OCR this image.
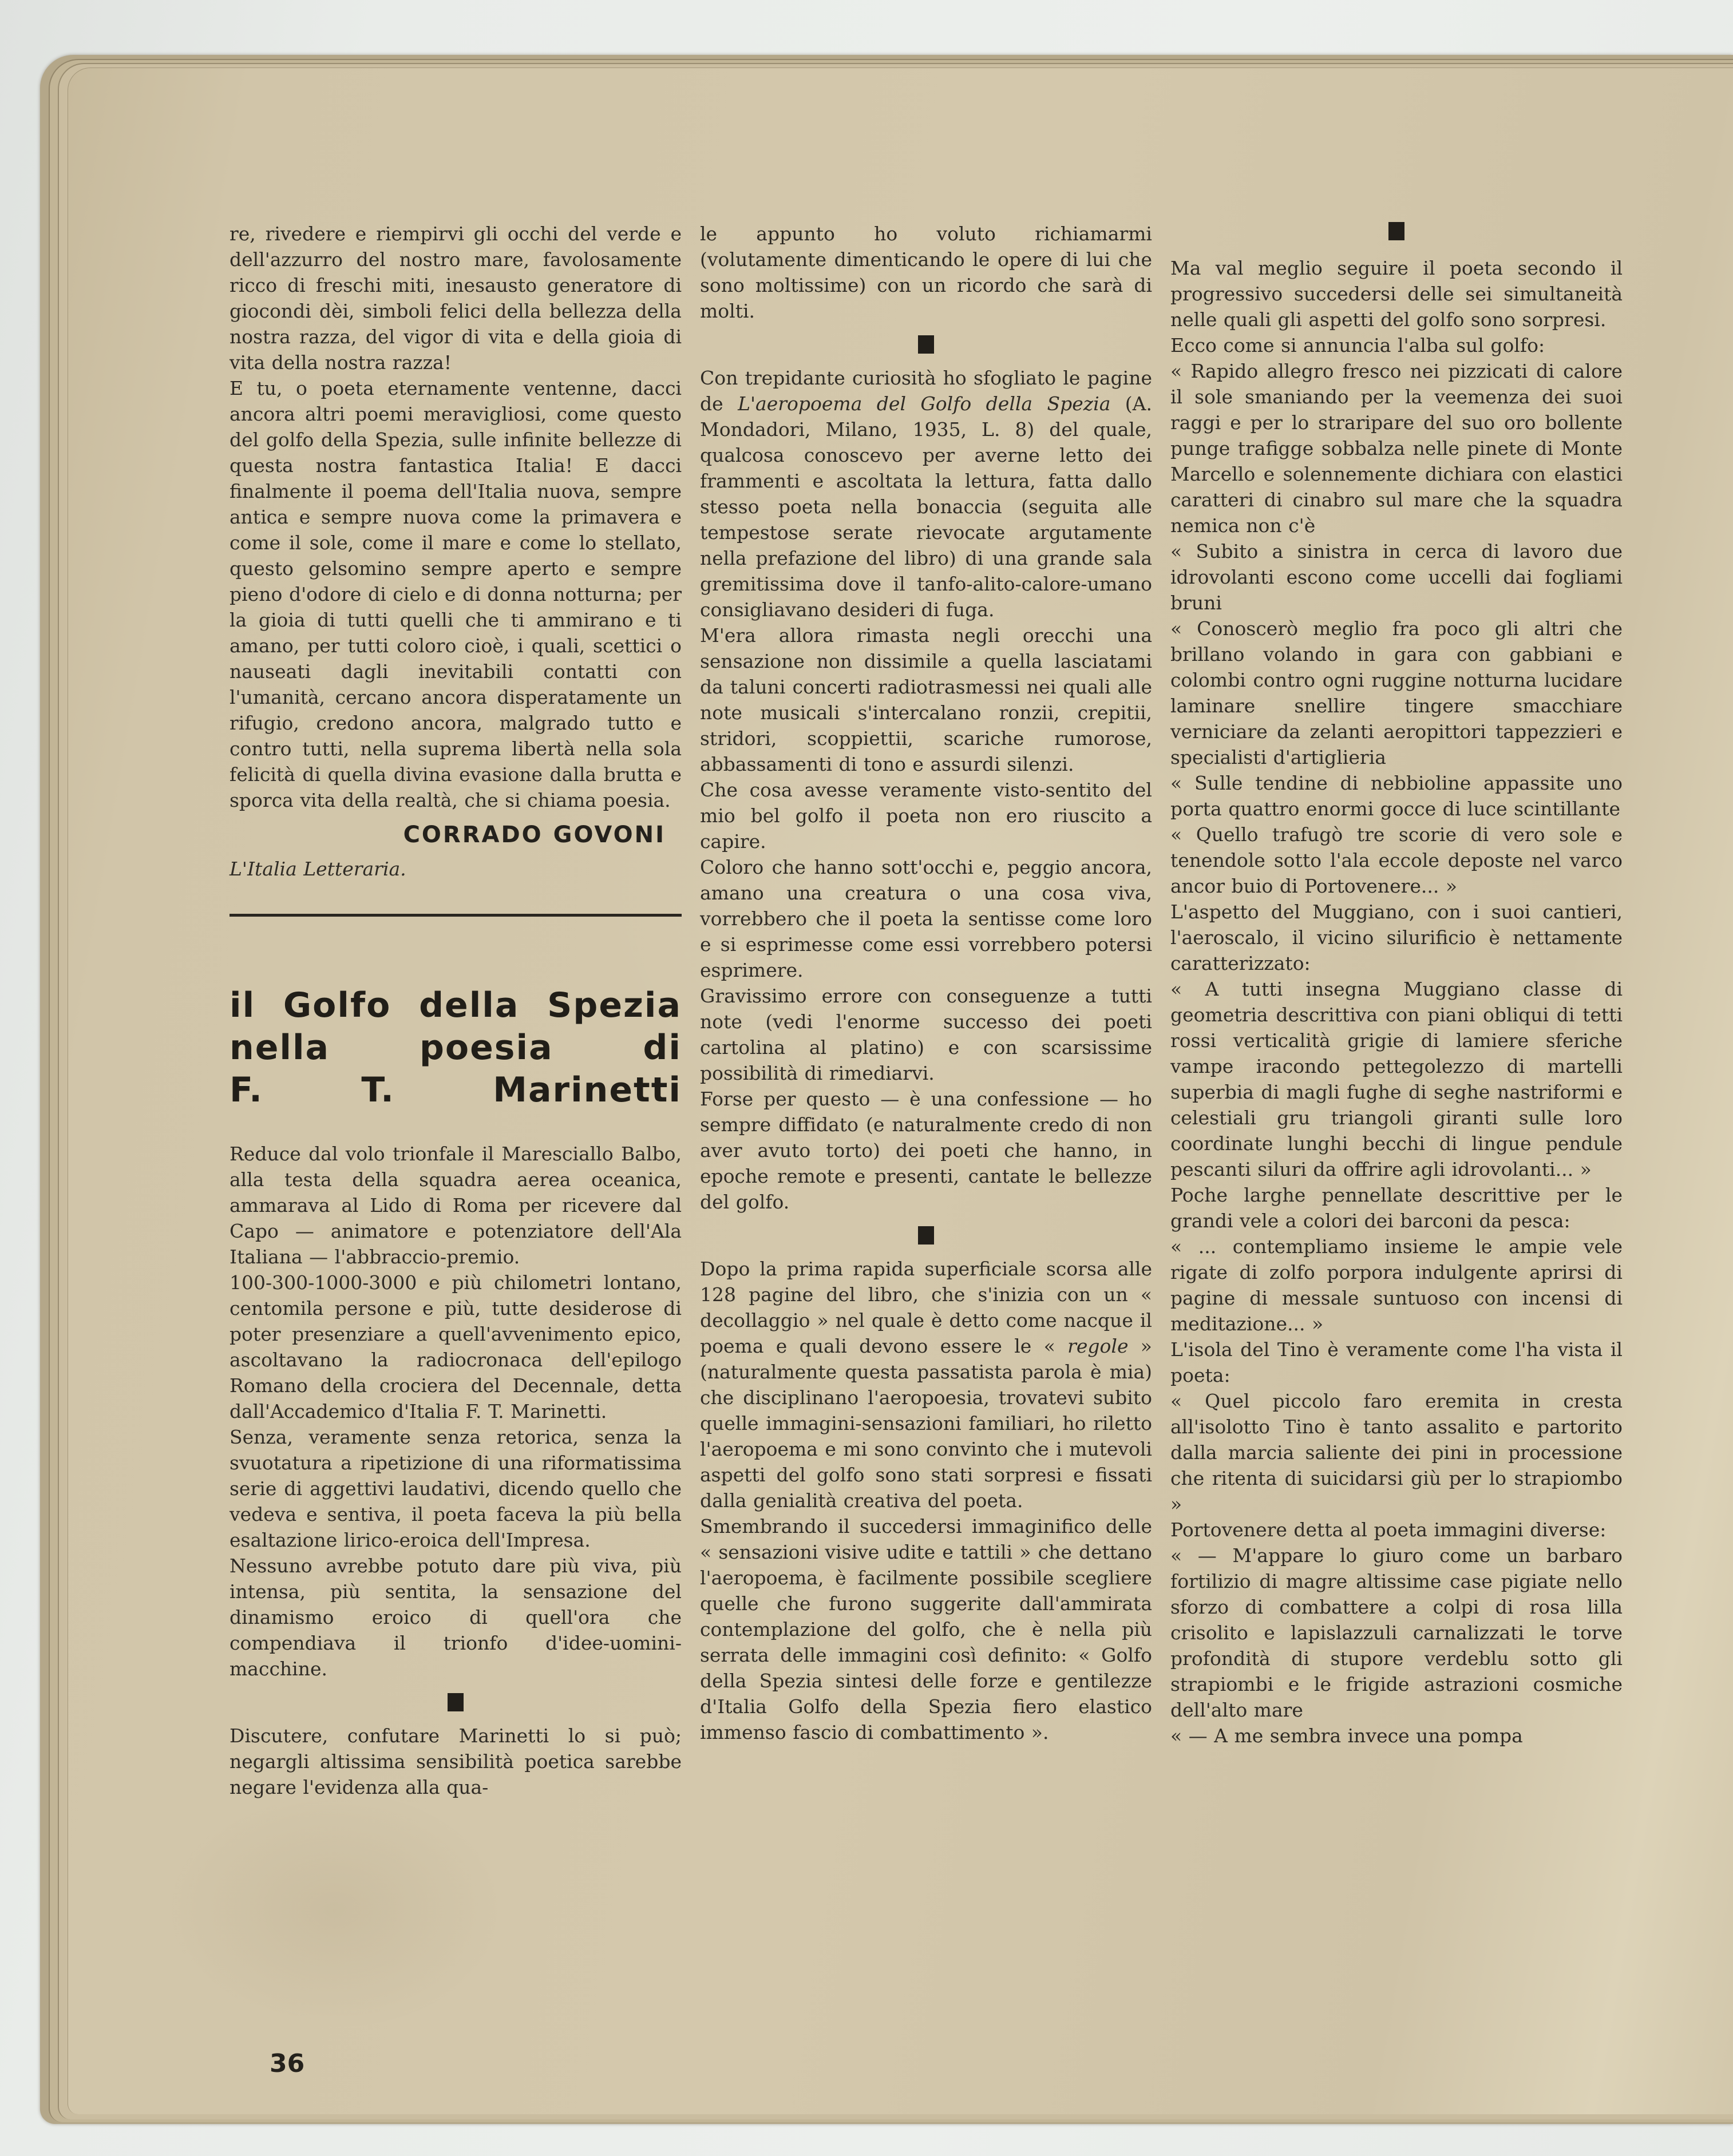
re, rivedere e riempirvi gli occhi del verde e dell'azzurro del nostro mare, favolosamente ricco di freschi miti, inesausto generatore di giocondi dèi, simboli felici della bellezza della nostra razza, del vigor di vita e della gioia di vita della nostra razza!

E tu, o poeta eternamente ventenne, dacci ancora altri poemi meravigliosi, come questo del golfo della Spezia, sulle infinite bellezze di questa nostra fantastica Italia! E dacci finalmente il poema dell'Italia nuova, sempre antica e sempre nuova come la primavera e come il sole, come il mare e come lo stellato, questo gelsomino sempre aperto e sempre pieno d'odore di cielo e di donna notturna; per la gioia di tutti quelli che ti ammirano e ti amano, per tutti coloro cioè, i quali, scettici o nauseati dagli inevitabili contatti con l'umanità, cercano ancora disperatamente un rifugio, credono ancora, malgrado tutto e contro tutti, nella suprema libertà nella sola felicità di quella divina evasione dalla brutta e sporca vita della realtà, che si chiama poesia.

CORRADO GOVONI
L'Italia Letteraria.
il Golfo della Spezia
nella poesia di
F. T. Marinetti

Reduce dal volo trionfale il Maresciallo Balbo, alla testa della squadra aerea oceanica, ammarava al Lido di Roma per ricevere dal Capo — animatore e potenziatore dell'Ala Italiana — l'abbraccio-premio.

100-300-1000-3000 e più chilometri lontano, centomila persone e più, tutte desiderose di poter presenziare a quell'avvenimento epico, ascoltavano la radiocronaca dell'epilogo Romano della crociera del Decennale, detta dall'Accademico d'Italia F. T. Marinetti.

Senza, veramente senza retorica, senza la svuotatura a ripetizione di una riformatissima serie di aggettivi laudativi, dicendo quello che vedeva e sentiva, il poeta faceva la più bella esaltazione lirico-eroica dell'Impresa.

Nessuno avrebbe potuto dare più viva, più intensa, più sentita, la sensazione del dinamismo eroico di quell'ora che compendiava il trionfo d'idee-uomini-macchine.

Discutere, confutare Marinetti lo si può; negargli altissima sensibilità poetica sarebbe negare l'evidenza alla qua-

le appunto ho voluto richiamarmi (volutamente dimenticando le opere di lui che sono moltissime) con un ricordo che sarà di molti.

Con trepidante curiosità ho sfogliato le pagine de L'aeropoema del Golfo della Spezia (A. Mondadori, Milano, 1935, L. 8) del quale, qualcosa conoscevo per averne letto dei frammenti e ascoltata la lettura, fatta dallo stesso poeta nella bonaccia (seguita alle tempestose serate rievocate argutamente nella prefazione del libro) di una grande sala gremitissima dove il tanfo-alito-calore-umano consigliavano desideri di fuga.

M'era allora rimasta negli orecchi una sensazione non dissimile a quella lasciatami da taluni concerti radiotrasmessi nei quali alle note musicali s'intercalano ronzii, crepitii, stridori, scoppiettii, scariche rumorose, abbassamenti di tono e assurdi silenzi.

Che cosa avesse veramente visto-sentito del mio bel golfo il poeta non ero riuscito a capire.

Coloro che hanno sott'occhi e, peggio ancora, amano una creatura o una cosa viva, vorrebbero che il poeta la sentisse come loro e si esprimesse come essi vorrebbero potersi esprimere.

Gravissimo errore con conseguenze a tutti note (vedi l'enorme successo dei poeti cartolina al platino) e con scarsissime possibilità di rimediarvi.

Forse per questo — è una confessione — ho sempre diffidato (e naturalmente credo di non aver avuto torto) dei poeti che hanno, in epoche remote e presenti, cantate le bellezze del golfo.

Dopo la prima rapida superficiale scorsa alle 128 pagine del libro, che s'inizia con un « decollaggio » nel quale è detto come nacque il poema e quali devono essere le « regole » (naturalmente questa passatista parola è mia) che disciplinano l'aeropoesia, trovatevi subito quelle immagini-sensazioni familiari, ho riletto l'aeropoema e mi sono convinto che i mutevoli aspetti del golfo sono stati sorpresi e fissati dalla genialità creativa del poeta.

Smembrando il succedersi immaginifico delle « sensazioni visive udite e tattili » che dettano l'aeropoema, è facilmente possibile scegliere quelle che furono suggerite dall'ammirata contemplazione del golfo, che è nella più serrata delle immagini così definito: « Golfo della Spezia sintesi delle forze e gentilezze d'Italia Golfo della Spezia fiero elastico immenso fascio di combattimento ».

Ma val meglio seguire il poeta secondo il progressivo succedersi delle sei simultaneità nelle quali gli aspetti del golfo sono sorpresi.

Ecco come si annuncia l'alba sul golfo:

« Rapido allegro fresco nei pizzicati di calore il sole smaniando per la veemenza dei suoi raggi e per lo straripare del suo oro bollente punge trafigge sobbalza nelle pinete di Monte Marcello e solennemente dichiara con elastici caratteri di cinabro sul mare che la squadra nemica non c'è

« Subito a sinistra in cerca di lavoro due idrovolanti escono come uccelli dai fogliami bruni

« Conoscerò meglio fra poco gli altri che brillano volando in gara con gabbiani e colombi contro ogni ruggine notturna lucidare laminare snellire tingere smacchiare verniciare da zelanti aeropittori tappezzieri e specialisti d'artiglieria

« Sulle tendine di nebbioline appassite uno porta quattro enormi gocce di luce scintillante

« Quello trafugò tre scorie di vero sole e tenendole sotto l'ala eccole deposte nel varco ancor buio di Portovenere... »

L'aspetto del Muggiano, con i suoi cantieri, l'aeroscalo, il vicino silurificio è nettamente caratterizzato:

« A tutti insegna Muggiano classe di geometria descrittiva con piani obliqui di tetti rossi verticalità grigie di lamiere sferiche vampe iracondo pettegolezzo di martelli superbia di magli fughe di seghe nastriformi e celestiali gru triangoli giranti sulle loro coordinate lunghi becchi di lingue pendule pescanti siluri da offrire agli idrovolanti... »

Poche larghe pennellate descrittive per le grandi vele a colori dei barconi da pesca:

« ... contempliamo insieme le ampie vele rigate di zolfo porpora indulgente aprirsi di pagine di messale suntuoso con incensi di meditazione... »

L'isola del Tino è veramente come l'ha vista il poeta:

« Quel piccolo faro eremita in cresta all'isolotto Tino è tanto assalito e partorito dalla marcia saliente dei pini in processione che ritenta di suicidarsi giù per lo strapiombo »

Portovenere detta al poeta immagini diverse:

« — M'appare lo giuro come un barbaro fortilizio di magre altissime case pigiate nello sforzo di combattere a colpi di rosa lilla crisolito e lapislazzuli carnalizzati le torve profondità di stupore verdeblu sotto gli strapiombi e le frigide astrazioni cosmiche dell'alto mare

« — A me sembra invece una pompa

36
